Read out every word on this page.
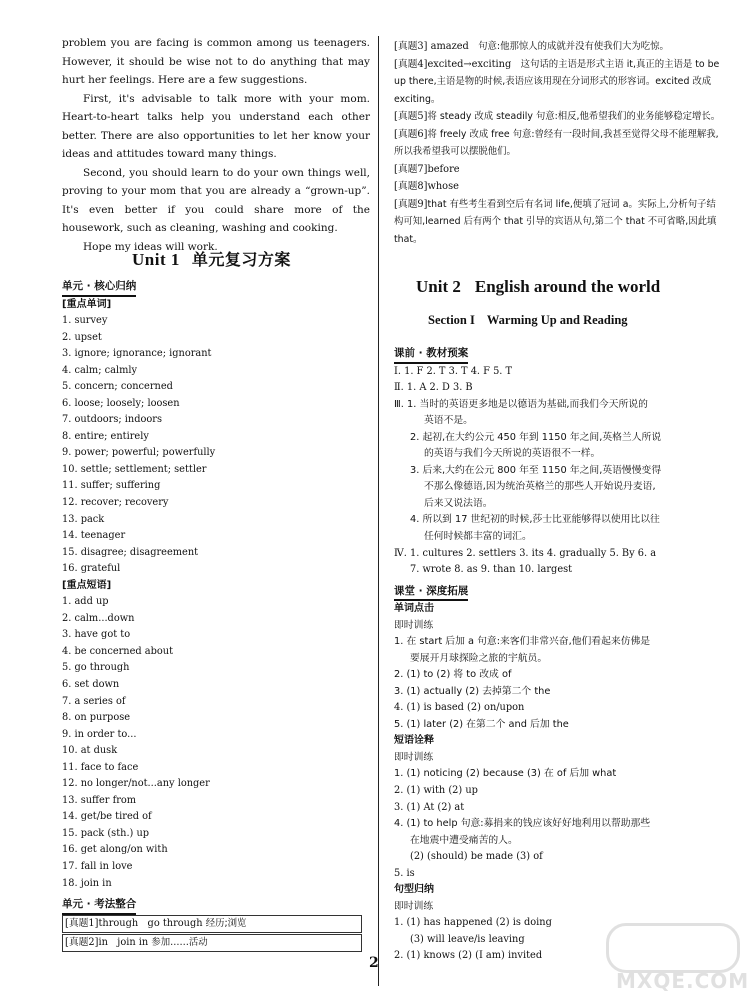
problem you are facing is common among us teenagers. However, it should be wise not to do anything that may hurt her feelings. Here are a few suggestions.

First, it's advisable to talk more with your mom. Heart-to-heart talks help you understand each other better. There are also opportunities to let her know your ideas and attitudes toward many things.

Second, you should learn to do your own things well, proving to your mom that you are already a “grown-up”. It's even better if you could share more of the housework, such as cleaning, washing and cooking.

Hope my ideas will work.

Unit 1 单元复习方案
单元 · 核心归纳
[重点单词]
1. survey
2. upset
3. ignore; ignorance; ignorant
4. calm; calmly
5. concern; concerned
6. loose; loosely; loosen
7. outdoors; indoors
8. entire; entirely
9. power; powerful; powerfully
10. settle; settlement; settler
11. suffer; suffering
12. recover; recovery
13. pack
14. teenager
15. disagree; disagreement
16. grateful
[重点短语]
1. add up
2. calm...down
3. have got to
4. be concerned about
5. go through
6. set down
7. a series of
8. on purpose
9. in order to...
10. at dusk
11. face to face
12. no longer/not...any longer
13. suffer from
14. get/be tired of
15. pack (sth.) up
16. get along/on with
17. fall in love
18. join in
单元 · 考法整合
[真题1]through go through 经历;浏览
[真题2]in join in 参加……活动
[真题3] amazed 句意:他那惊人的成就并没有使我们大为吃惊。
[真题4]excited→exciting 这句话的主语是形式主语 it,真正的主语是 to be up there,主语是物的时候,表语应该用现在分词形式的形容词。excited 改成 exciting。
[真题5]将 steady 改成 steadily 句意:相反,他希望我们的业务能够稳定增长。
[真题6]将 freely 改成 free 句意:曾经有一段时间,我甚至觉得父母不能理解我,所以我希望我可以摆脱他们。
[真题7]before
[真题8]whose
[真题9]that 有些考生看到空后有名词 life,便填了冠词 a。实际上,分析句子结构可知,learned 后有两个 that 引导的宾语从句,第二个 that 不可省略,因此填 that。
Unit 2 English around the world
Section I Warming Up and Reading
课前 · 教材预案
Ⅰ. 1. F 2. T 3. T 4. F 5. T
Ⅱ. 1. A 2. D 3. B
Ⅲ. 1. 当时的英语更多地是以德语为基础,而我们今天所说的
英语不是。
2. 起初,在大约公元 450 年到 1150 年之间,英格兰人所说
的英语与我们今天所说的英语很不一样。
3. 后来,大约在公元 800 年至 1150 年之间,英语慢慢变得
不那么像德语,因为统治英格兰的那些人开始说丹麦语,
后来又说法语。
4. 所以到 17 世纪初的时候,莎士比亚能够得以使用比以往
任何时候都丰富的词汇。
Ⅳ. 1. cultures 2. settlers 3. its 4. gradually 5. By 6. a
7. wrote 8. as 9. than 10. largest
课堂 · 深度拓展
单词点击
即时训练
1. 在 start 后加 a 句意:来客们非常兴奋,他们看起来仿佛是
要展开月球探险之旅的宇航员。
2. (1) to (2) 将 to 改成 of
3. (1) actually (2) 去掉第二个 the
4. (1) is based (2) on/upon
5. (1) later (2) 在第二个 and 后加 the
短语诠释
即时训练
1. (1) noticing (2) because (3) 在 of 后加 what
2. (1) with (2) up
3. (1) At (2) at
4. (1) to help 句意:募捐来的钱应该好好地利用以帮助那些
在地震中遭受痛苦的人。
(2) (should) be made (3) of
5. is
句型归纳
即时训练
1. (1) has happened (2) is doing
(3) will leave/is leaving
2. (1) knows (2) (I am) invited
2
MXQE.COM
